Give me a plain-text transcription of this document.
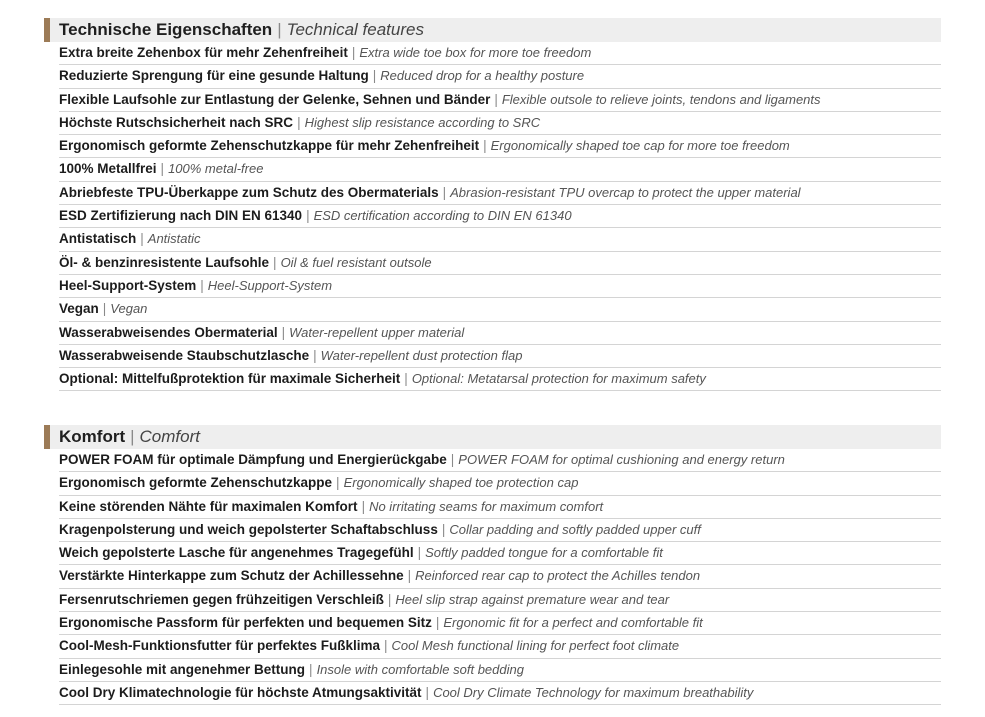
Technische Eigenschaften | Technical features
Extra breite Zehenbox für mehr Zehenfreiheit | Extra wide toe box for more toe freedom
Reduzierte Sprengung für eine gesunde Haltung | Reduced drop for a healthy posture
Flexible Laufsohle zur Entlastung der Gelenke, Sehnen und Bänder | Flexible outsole to relieve joints, tendons and ligaments
Höchste Rutschsicherheit nach SRC | Highest slip resistance according to SRC
Ergonomisch geformte Zehenschutzkappe für mehr Zehenfreiheit | Ergonomically shaped toe cap for more toe freedom
100% Metallfrei | 100% metal-free
Abriebfeste TPU-Überkappe zum Schutz des Obermaterials | Abrasion-resistant TPU overcap to protect the upper material
ESD Zertifizierung nach DIN EN 61340 | ESD certification according to DIN EN 61340
Antistatisch | Antistatic
Öl- & benzinresistente Laufsohle | Oil & fuel resistant outsole
Heel-Support-System | Heel-Support-System
Vegan | Vegan
Wasserabweisendes Obermaterial | Water-repellent upper material
Wasserabweisende Staubschutzlasche | Water-repellent dust protection flap
Optional: Mittelfußprotektion für maximale Sicherheit | Optional: Metatarsal protection for maximum safety
Komfort | Comfort
POWER FOAM für optimale Dämpfung und Energierückgabe | POWER FOAM for optimal cushioning and energy return
Ergonomisch geformte Zehenschutzkappe | Ergonomically shaped toe protection cap
Keine störenden Nähte für maximalen Komfort | No irritating seams for maximum comfort
Kragenpolsterung und weich gepolsterter Schaftabschluss | Collar padding and softly padded upper cuff
Weich gepolsterte Lasche für angenehmes Tragegefühl | Softly padded tongue for a comfortable fit
Verstärkte Hinterkappe zum Schutz der Achillessehne | Reinforced rear cap to protect the Achilles tendon
Fersenrutschriemen gegen frühzeitigen Verschleiß | Heel slip strap against premature wear and tear
Ergonomische Passform für perfekten und bequemen Sitz | Ergonomic fit for a perfect and comfortable fit
Cool-Mesh-Funktionsfutter für perfektes Fußklima | Cool Mesh functional lining for perfect foot climate
Einlegesohle mit angenehmer Bettung | Insole with comfortable soft bedding
Cool Dry Klimatechnologie für höchste Atmungsaktivität | Cool Dry Climate Technology for maximum breathability
